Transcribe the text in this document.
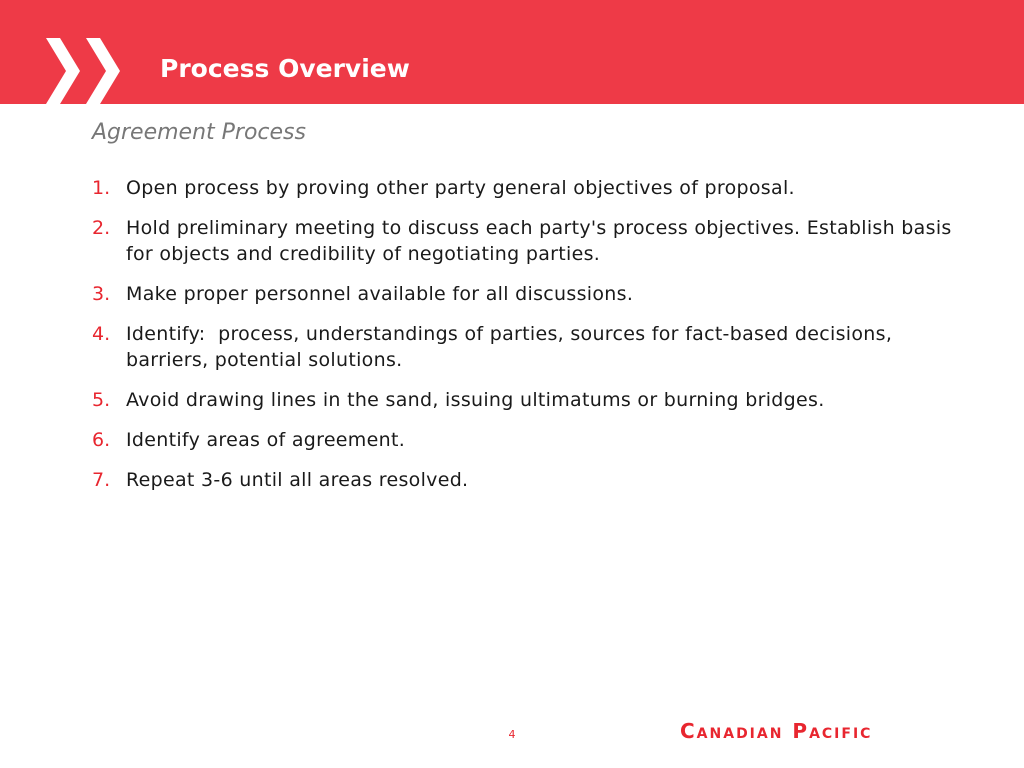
Process Overview
Agreement Process
1. Open process by proving other party general objectives of proposal.
2. Hold preliminary meeting to discuss each party's process objectives. Establish basis for objects and credibility of negotiating parties.
3. Make proper personnel available for all discussions.
4. Identify:  process, understandings of parties, sources for fact-based decisions, barriers, potential solutions.
5. Avoid drawing lines in the sand, issuing ultimatums or burning bridges.
6. Identify areas of agreement.
7. Repeat 3-6 until all areas resolved.
4	Canadian Pacific
